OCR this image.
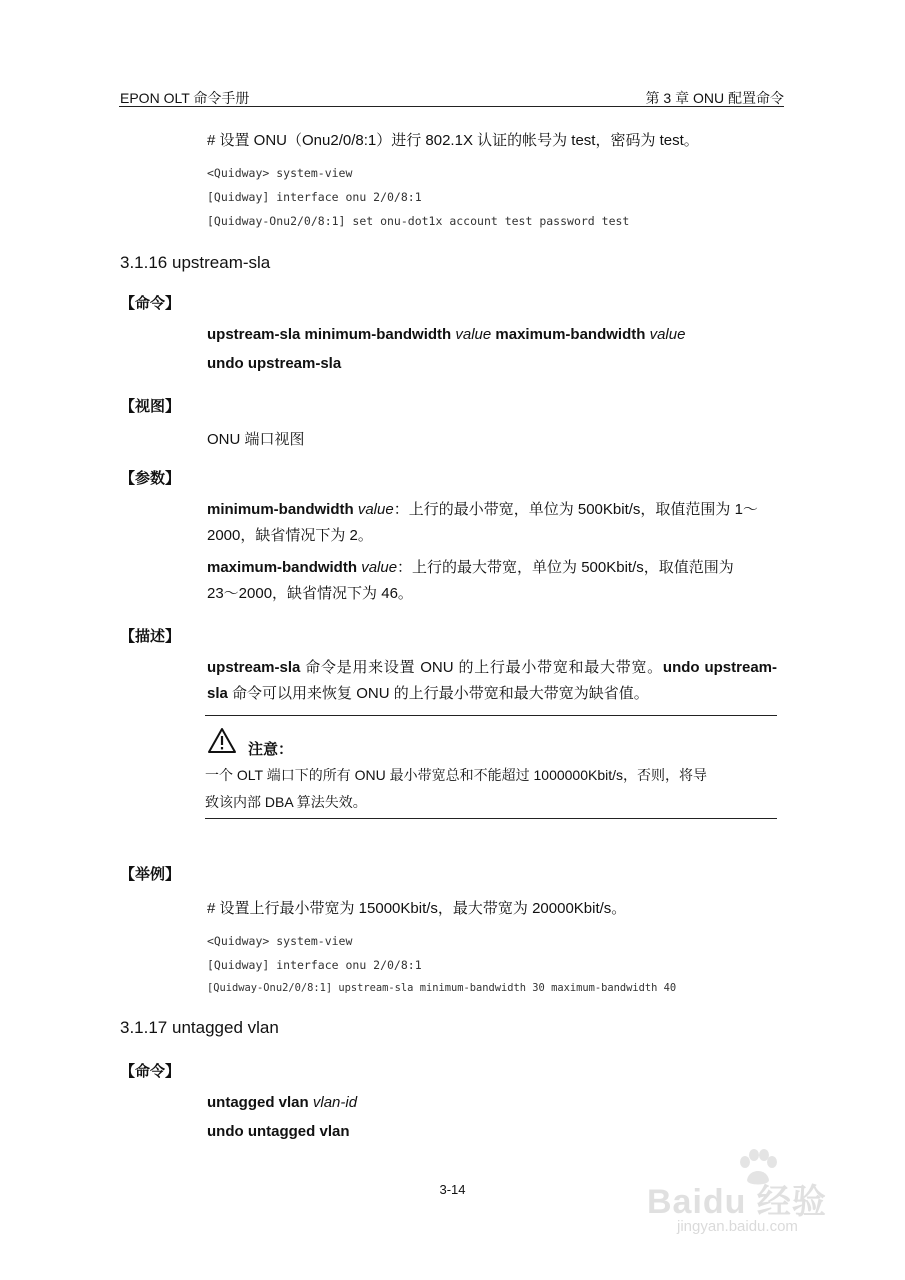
EPON OLT 命令手册	第 3 章 ONU 配置命令
# 设置 ONU（Onu2/0/8:1）进行 802.1X 认证的帐号为 test，密码为 test。
<Quidway> system-view
[Quidway] interface onu 2/0/8:1
[Quidway-Onu2/0/8:1] set onu-dot1x account test password test
3.1.16 upstream-sla
【命令】
upstream-sla minimum-bandwidth value maximum-bandwidth value
undo upstream-sla
【视图】
ONU 端口视图
【参数】
minimum-bandwidth value：上行的最小带宽，单位为 500Kbit/s，取值范围为 1～
2000，缺省情况下为 2。
maximum-bandwidth value：上行的最大带宽，单位为 500Kbit/s，取值范围为
23～2000，缺省情况下为 46。
【描述】
upstream-sla 命令是用来设置 ONU 的上行最小带宽和最大带宽。undo upstream-sla 命令可以用来恢复 ONU 的上行最小带宽和最大带宽为缺省值。
注意：
一个 OLT 端口下的所有 ONU 最小带宽总和不能超过 1000000Kbit/s，否则，将导
致该内部 DBA 算法失效。
【举例】
# 设置上行最小带宽为 15000Kbit/s，最大带宽为 20000Kbit/s。
<Quidway> system-view
[Quidway] interface onu 2/0/8:1
[Quidway-Onu2/0/8:1] upstream-sla minimum-bandwidth 30 maximum-bandwidth 40
3.1.17 untagged vlan
【命令】
untagged vlan vlan-id
undo untagged vlan
3-14	Baidu 经验
jingyan.baidu.com
